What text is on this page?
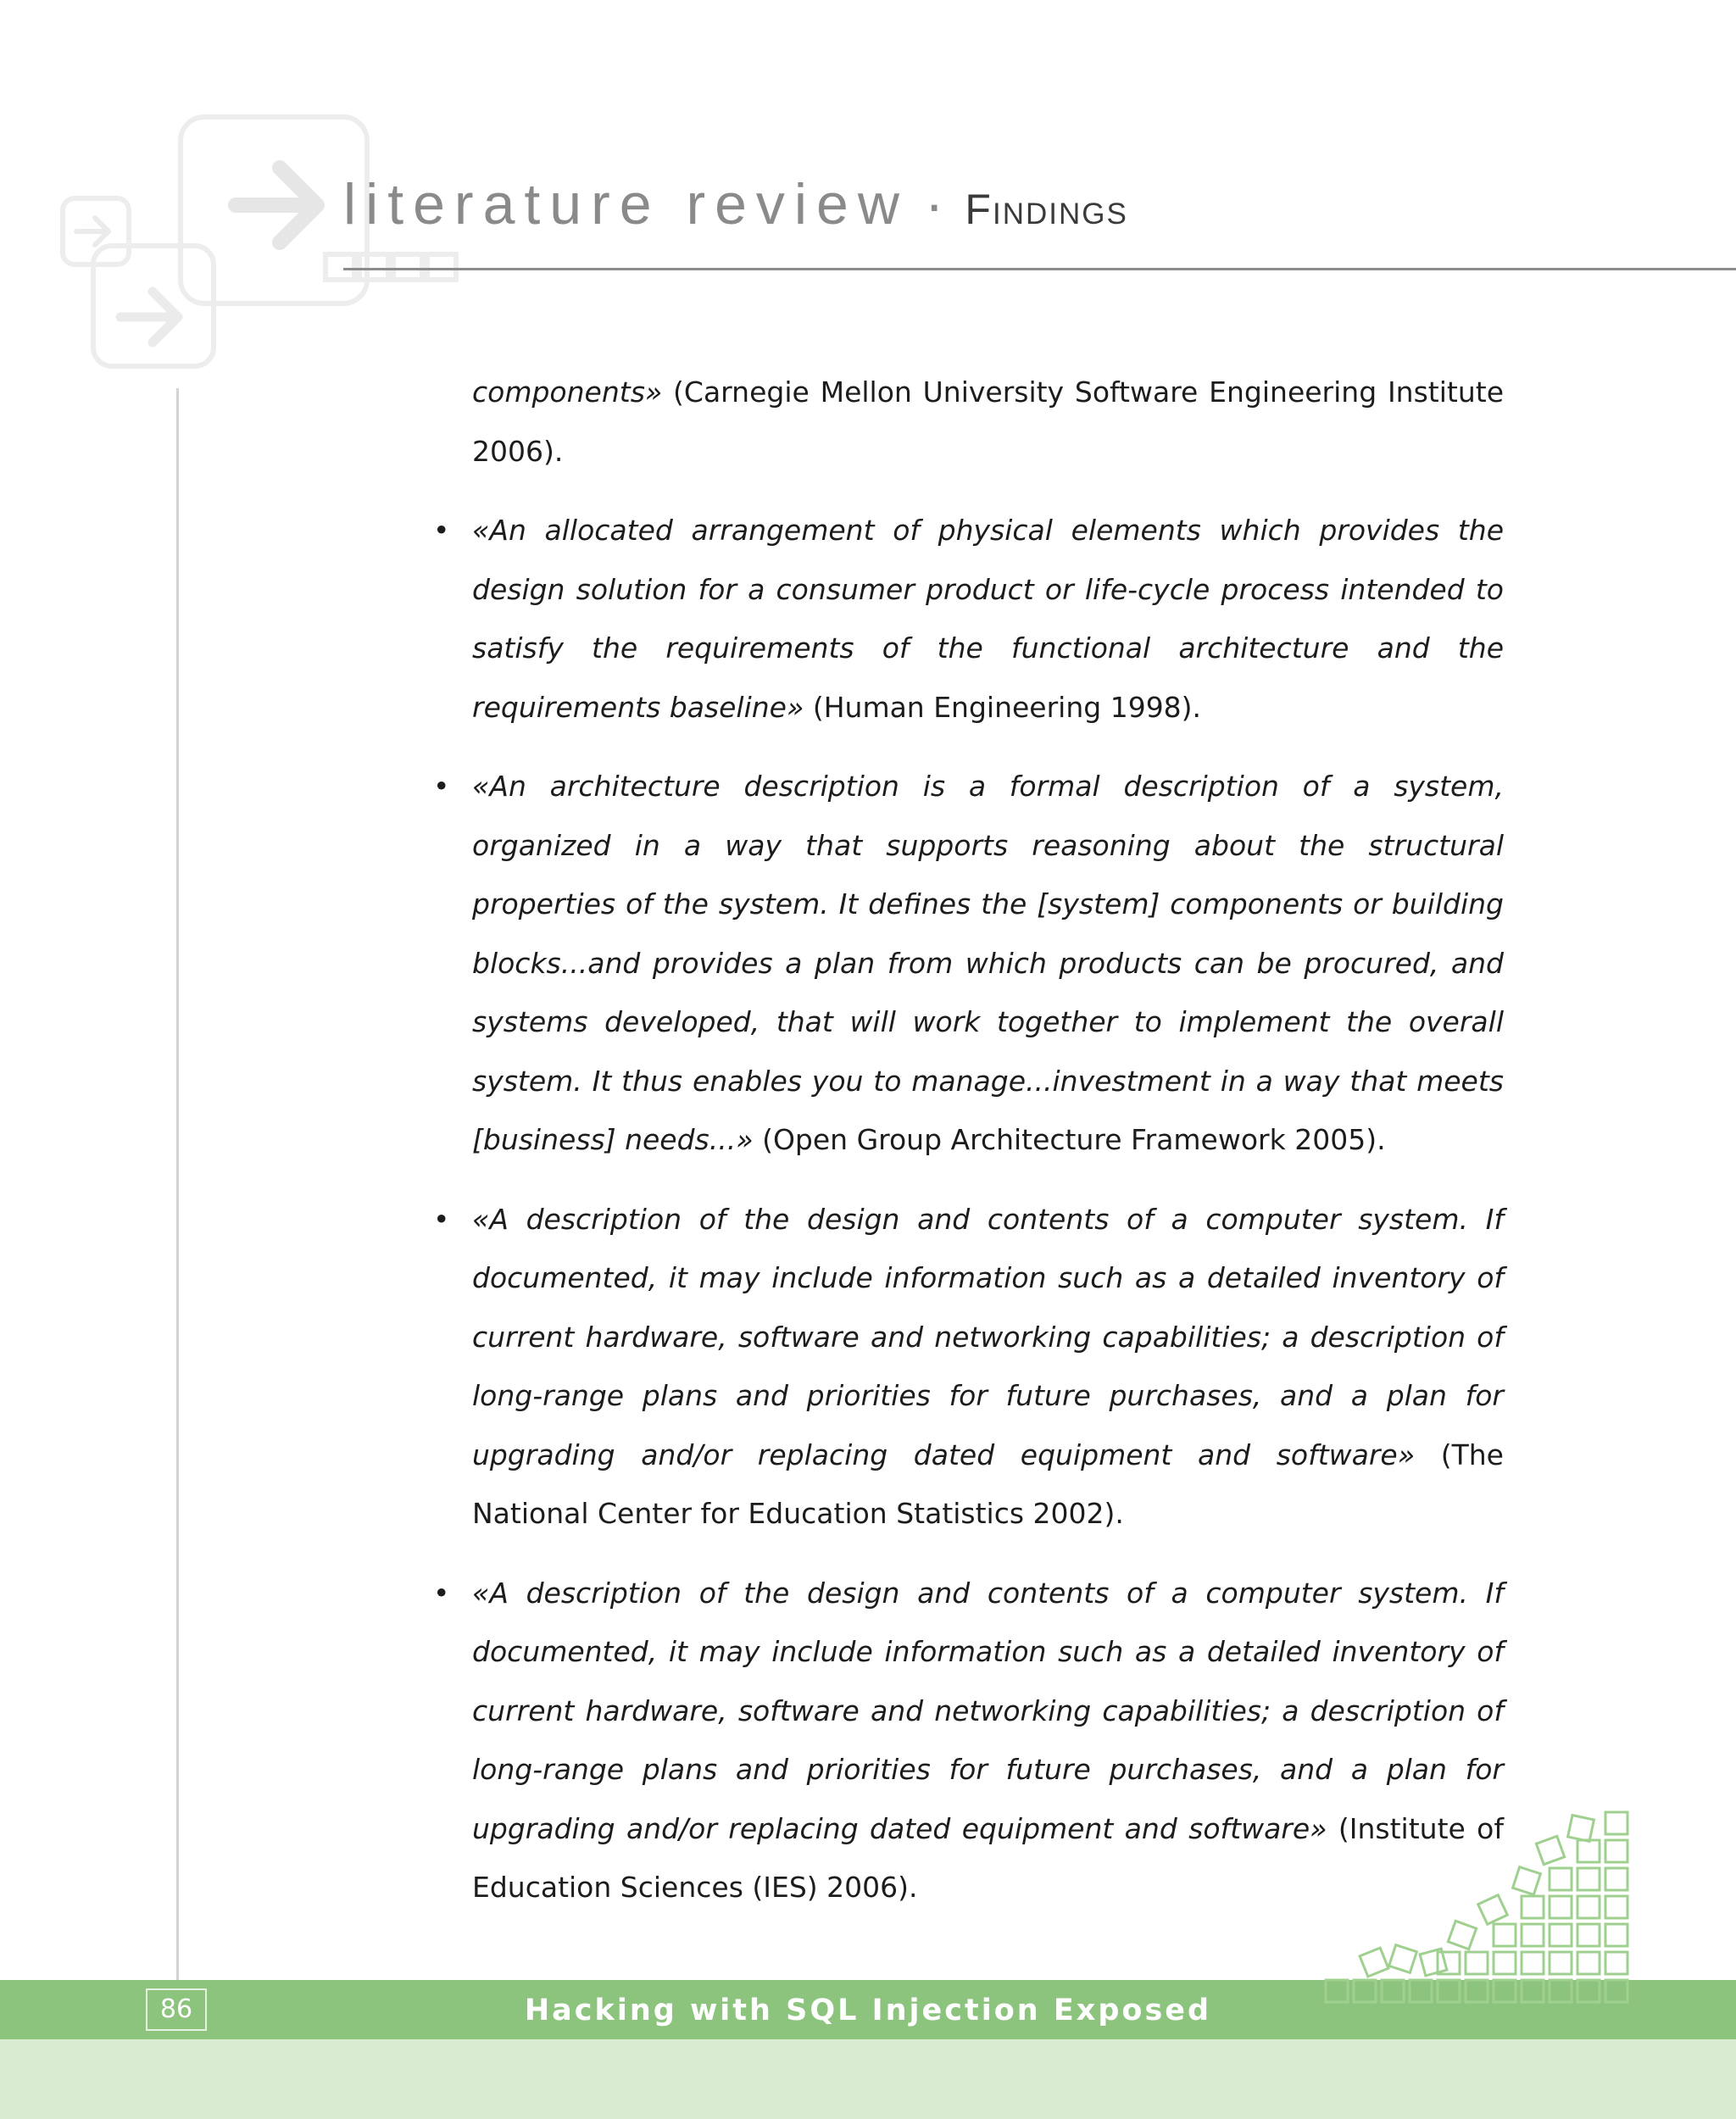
literature review · Findings

components» (Carnegie Mellon University Software Engineering Institute 2006).

• «An allocated arrangement of physical elements which provides the design solution for a consumer product or life-cycle process intended to satisfy the requirements of the functional architecture and the requirements baseline» (Human Engineering 1998).

• «An architecture description is a formal description of a system, organized in a way that supports reasoning about the structural properties of the system. It defines the [system] components or building blocks...and provides a plan from which products can be procured, and systems developed, that will work together to implement the overall system. It thus enables you to manage...investment in a way that meets [business] needs...» (Open Group Architecture Framework 2005).

• «A description of the design and contents of a computer system. If documented, it may include information such as a detailed inventory of current hardware, software and networking capabilities; a description of long-range plans and priorities for future purchases, and a plan for upgrading and/or replacing dated equipment and software» (The National Center for Education Statistics 2002).

• «A description of the design and contents of a computer system. If documented, it may include information such as a detailed inventory of current hardware, software and networking capabilities; a description of long-range plans and priorities for future purchases, and a plan for upgrading and/or replacing dated equipment and software» (Institute of Education Sciences (IES) 2006).

86	Hacking with SQL Injection Exposed
